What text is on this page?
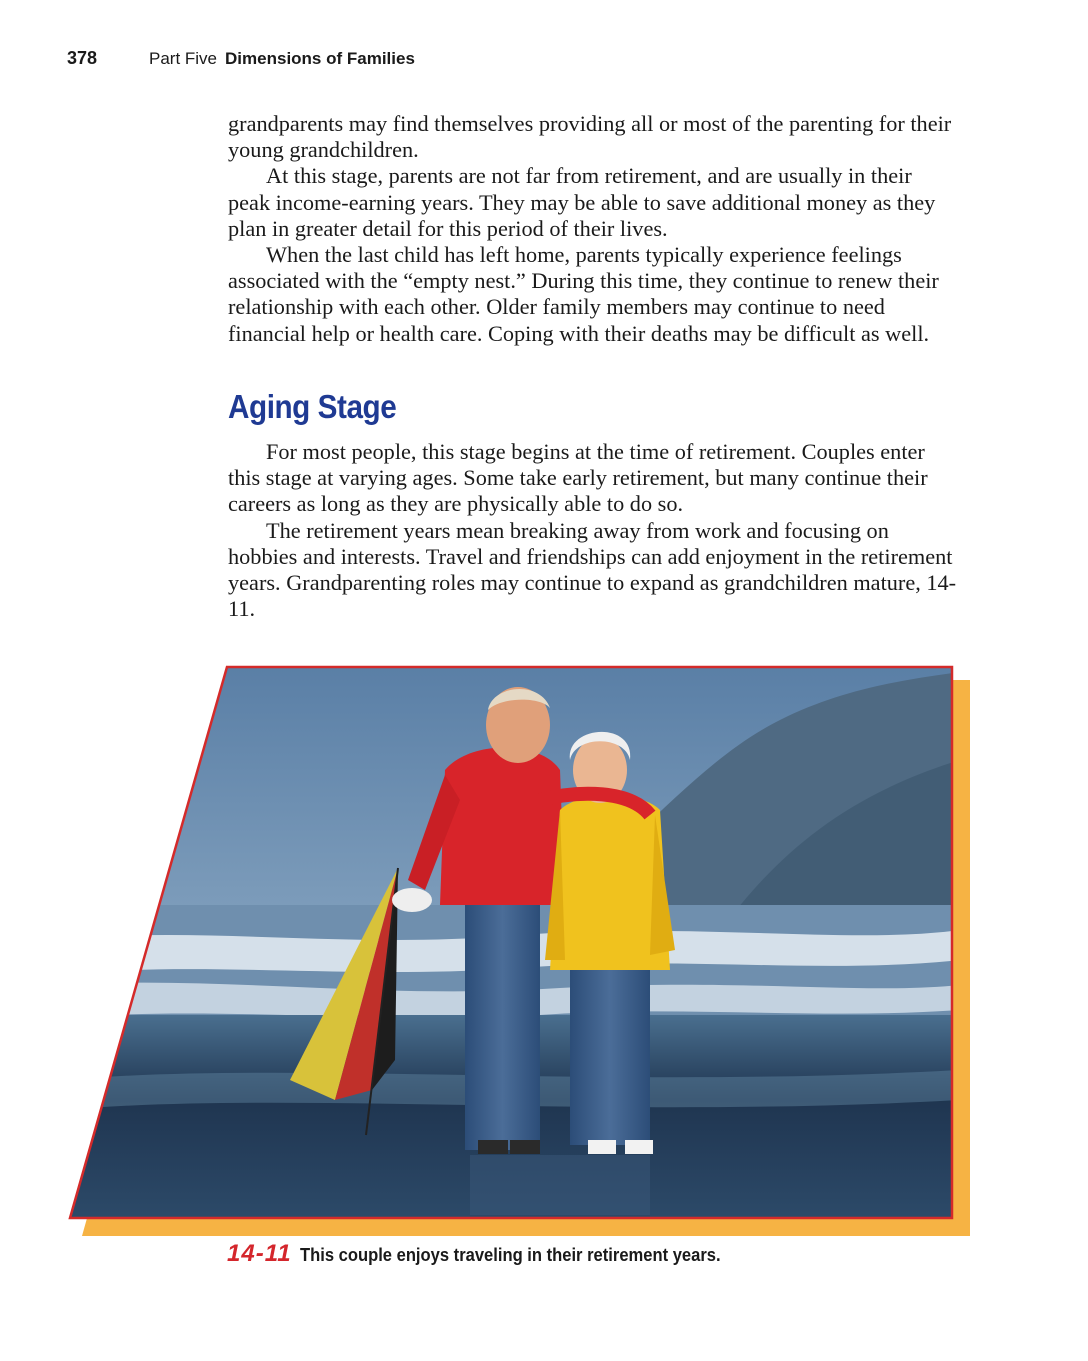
378	Part Five Dimensions of Families

grandparents may find themselves providing all or most of the parenting for their young grandchildren.

At this stage, parents are not far from retirement, and are usually in their peak income-earning years. They may be able to save additional money as they plan in greater detail for this period of their lives.

When the last child has left home, parents typically experience feelings associated with the “empty nest.” During this time, they continue to renew their relationship with each other. Older family members may continue to need financial help or health care. Coping with their deaths may be difficult as well.

Aging Stage

For most people, this stage begins at the time of retirement. Couples enter this stage at varying ages. Some take early retirement, but many continue their careers as long as they are physically able to do so.

The retirement years mean breaking away from work and focusing on hobbies and interests. Travel and friendships can add enjoyment in the retirement years. Grandparenting roles may continue to expand as grandchildren mature, 14-11.

14-11 This couple enjoys traveling in their retirement years.
